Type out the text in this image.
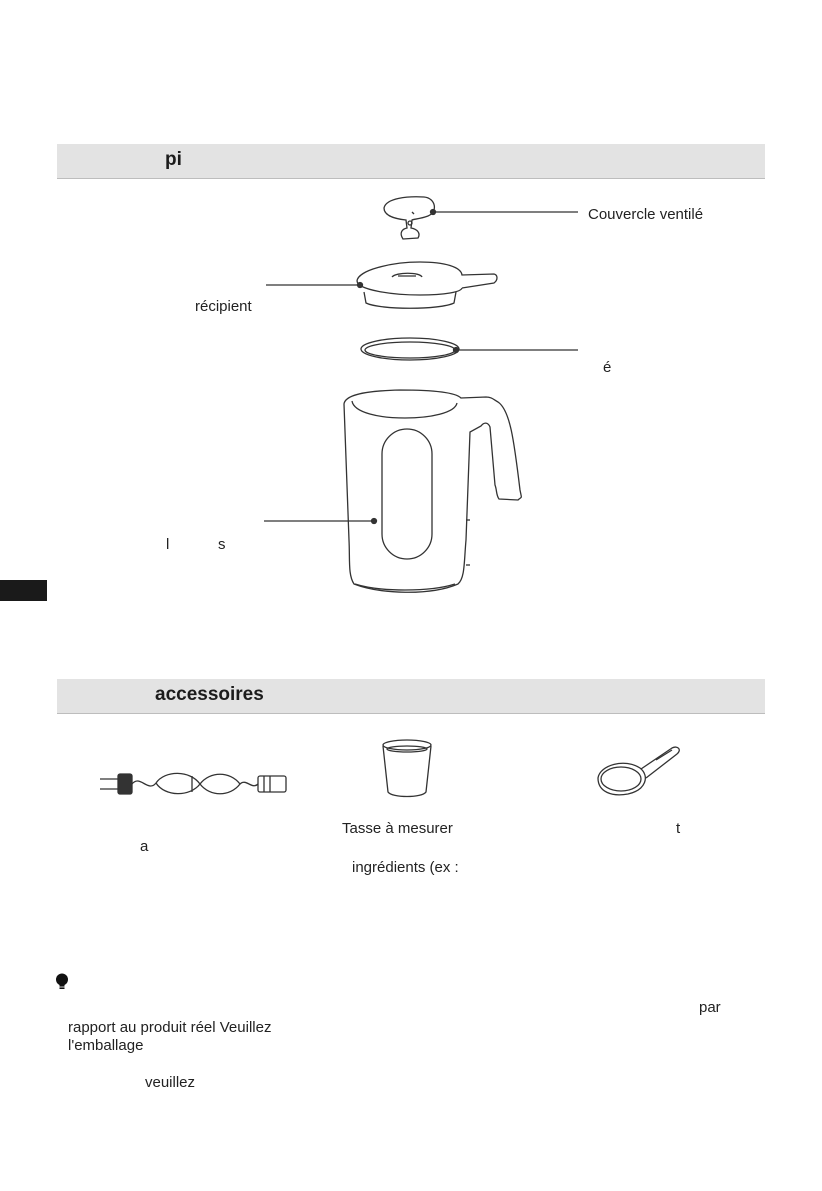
pi
Couvercle ventilé
récipient
é
l	s
accessoires
a
Tasse à mesurer
ingrédients (ex :
t
par
rapport au produit réel Veuillez
l'emballage
veuillez
